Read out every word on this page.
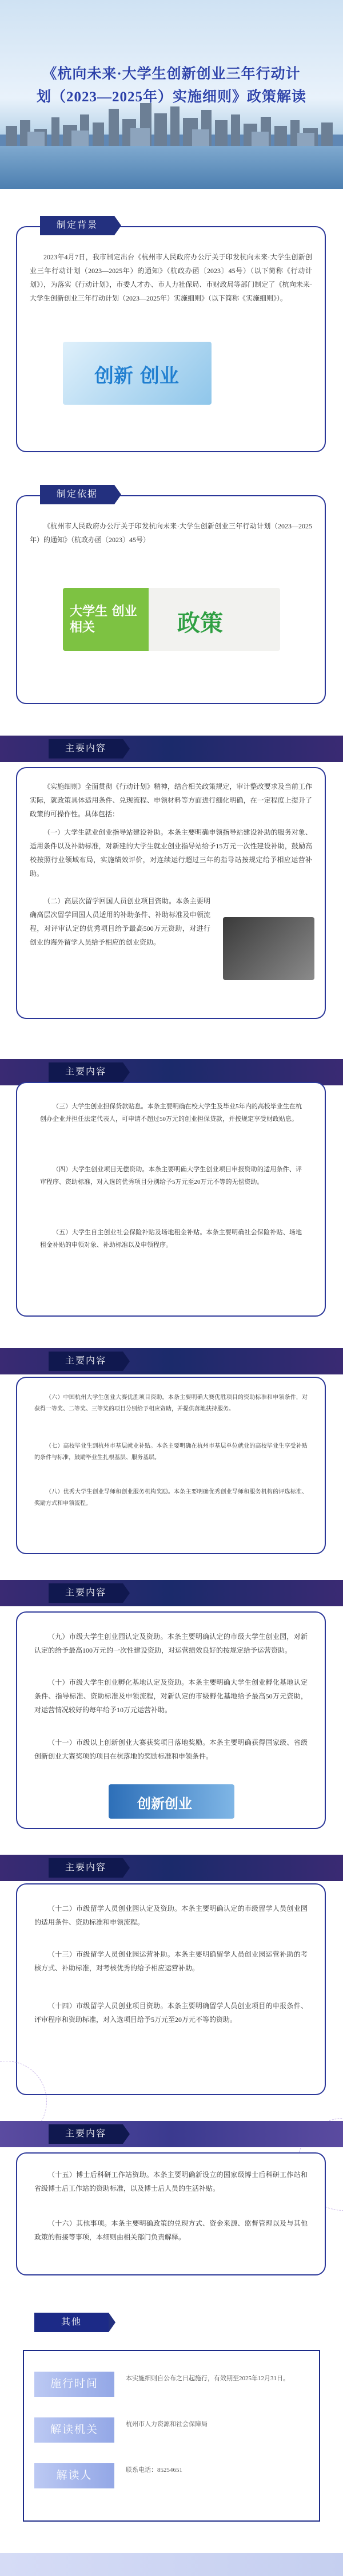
《杭向未来·大学生创新创业三年行动计
划（2023—2025年）实施细则》政策解读
制定背景
2023年4月7日，我市制定出台《杭州市人民政府办公厅关于印发杭向未来·大学生创新创业三年行动计划（2023—2025年）的通知》（杭政办函〔2023〕45号）（以下简称《行动计划》），为落实《行动计划》，市委人才办、市人力社保局、市财政局等部门制定了《杭向未来·大学生创新创业三年行动计划（2023—2025年）实施细则》（以下简称《实施细则》）。
创新 创业
制定依据
《杭州市人民政府办公厅关于印发杭向未来·大学生创新创业三年行动计划（2023—2025年）的通知》（杭政办函〔2023〕45号）
大学生 创业 相关	政策
主要内容
《实施细则》全面贯彻《行动计划》精神，结合相关政策规定，审计整改要求及当前工作实际，就政策具体适用条件、兑现流程、申领材料等方面进行细化明确，在一定程度上提升了政策的可操作性。具体包括：
（一）大学生就业创业指导站建设补助。本条主要明确申领指导站建设补助的服务对象、适用条件以及补助标准，对新建的大学生就业创业指导站给予15万元一次性建设补助，鼓励高校按照行业领域布局，实施绩效评价，对连续运行超过三年的指导站按规定给予相应运营补助。
（二）高层次留学回国人员创业项目资助。本条主要明确高层次留学回国人员适用的补助条件、补助标准及申领流程，对评审认定的优秀项目给予最高500万元资助，对进行创业的海外留学人员给予相应的创业资助。
主要内容
（三）大学生创业担保贷款贴息。本条主要明确在校大学生及毕业5年内的高校毕业生在杭创办企业并担任法定代表人，可申请不超过50万元的创业担保贷款，并按规定享受财政贴息。
（四）大学生创业项目无偿资助。本条主要明确大学生创业项目申报资助的适用条件、评审程序、资助标准，对入选的优秀项目分别给予5万元至20万元不等的无偿资助。
（五）大学生自主创业社会保险补贴及场地租金补贴。本条主要明确社会保险补贴、场地租金补贴的申领对象、补助标准以及申领程序。
主要内容
（六）中国杭州大学生创业大赛优胜项目资助。本条主要明确大赛优胜项目的资助标准和申领条件，对获得一等奖、二等奖、三等奖的项目分别给予相应资助，并提供落地扶持服务。
（七）高校毕业生到杭州市基层就业补贴。本条主要明确在杭州市基层单位就业的高校毕业生享受补贴的条件与标准，鼓励毕业生扎根基层、服务基层。
（八）优秀大学生创业导师和创业服务机构奖励。本条主要明确优秀创业导师和服务机构的评选标准、奖励方式和申领流程。
主要内容
（九）市级大学生创业园认定及资助。本条主要明确认定的市级大学生创业园，对新认定的给予最高100万元的一次性建设资助，对运营绩效良好的按规定给予运营资助。
（十）市级大学生创业孵化基地认定及资助。本条主要明确大学生创业孵化基地认定条件、指导标准、资助标准及申领流程，对新认定的市级孵化基地给予最高50万元资助，对运营情况较好的每年给予10万元运营补助。
（十一）市级以上创新创业大赛获奖项目落地奖励。本条主要明确获得国家级、省级创新创业大赛奖项的项目在杭落地的奖励标准和申领条件。
创新创业
主要内容
（十二）市级留学人员创业园认定及资助。本条主要明确认定的市级留学人员创业园的适用条件、资助标准和申领流程。
（十三）市级留学人员创业园运营补助。本条主要明确留学人员创业园运营补助的考核方式、补助标准，对考核优秀的给予相应运营补助。
（十四）市级留学人员创业项目资助。本条主要明确留学人员创业项目的申报条件、评审程序和资助标准，对入选项目给予5万元至20万元不等的资助。
主要内容
（十五）博士后科研工作站资助。本条主要明确新设立的国家级博士后科研工作站和省级博士后工作站的资助标准，以及博士后人员的生活补贴。
（十六）其他事项。本条主要明确政策的兑现方式、资金来源、监督管理以及与其他政策的衔接等事项，本细则由相关部门负责解释。
其他
施行时间	本实施细则自公布之日起施行，有效期至2025年12月31日。
解读机关	杭州市人力资源和社会保障局
解读人	联系电话：85254651
